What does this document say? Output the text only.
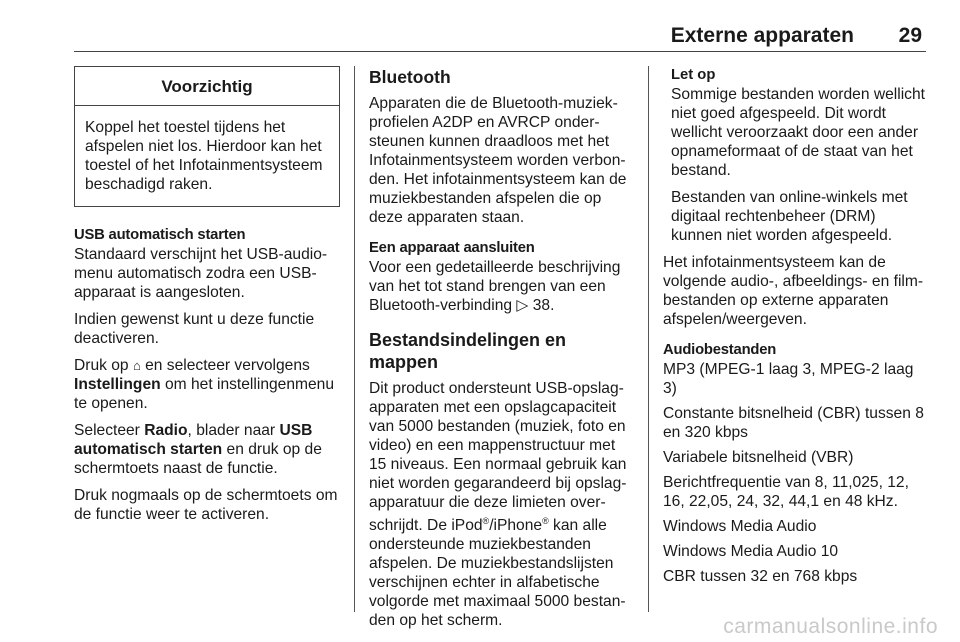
Externe apparaten 29
Voorzichtig
Koppel het toestel tijdens het afspelen niet los. Hierdoor kan het toestel of het Infotainmentsysteem beschadigd raken.
USB automatisch starten

Standaard verschijnt het USB-audiomenu automatisch zodra een USB-apparaat is aangesloten.

Indien gewenst kunt u deze functie deactiveren.

Druk op ⌂ en selecteer vervolgens Instellingen om het instellingenmenu te openen.

Selecteer Radio, blader naar USB automatisch starten en druk op de schermtoets naast de functie.

Druk nogmaals op de schermtoets om de functie weer te activeren.

Bluetooth

Apparaten die de Bluetooth-muziekprofielen A2DP en AVRCP ondersteunen kunnen draadloos met het Infotainmentsysteem worden verbonden. Het infotainmentsysteem kan de muziekbestanden afspelen die op deze apparaten staan.

Een apparaat aansluiten

Voor een gedetailleerde beschrijving van het tot stand brengen van een Bluetooth-verbinding ▷ 38.

Bestandsindelingen en mappen

Dit product ondersteunt USB-opslagapparaten met een opslagcapaciteit van 5000 bestanden (muziek, foto en video) en een mappenstructuur met 15 niveaus. Een normaal gebruik kan niet worden gegarandeerd bij opslagapparatuur die deze limieten overschrijdt. De iPod®/iPhone® kan alle ondersteunde muziekbestanden afspelen. De muziekbestandslijsten verschijnen echter in alfabetische volgorde met maximaal 5000 bestanden op het scherm.

Let op

Sommige bestanden worden wellicht niet goed afgespeeld. Dit wordt wellicht veroorzaakt door een ander opnameformaat of de staat van het bestand.

Bestanden van online-winkels met digitaal rechtenbeheer (DRM) kunnen niet worden afgespeeld.

Het infotainmentsysteem kan de volgende audio-, afbeeldings- en filmbestanden op externe apparaten afspelen/weergeven.

Audiobestanden

MP3 (MPEG-1 laag 3, MPEG-2 laag 3)

Constante bitsnelheid (CBR) tussen 8 en 320 kbps

Variabele bitsnelheid (VBR)

Berichtfrequentie van 8, 11,025, 12, 16, 22,05, 24, 32, 44,1 en 48 kHz.

Windows Media Audio

Windows Media Audio 10

CBR tussen 32 en 768 kbps

carmanualsonline.info
